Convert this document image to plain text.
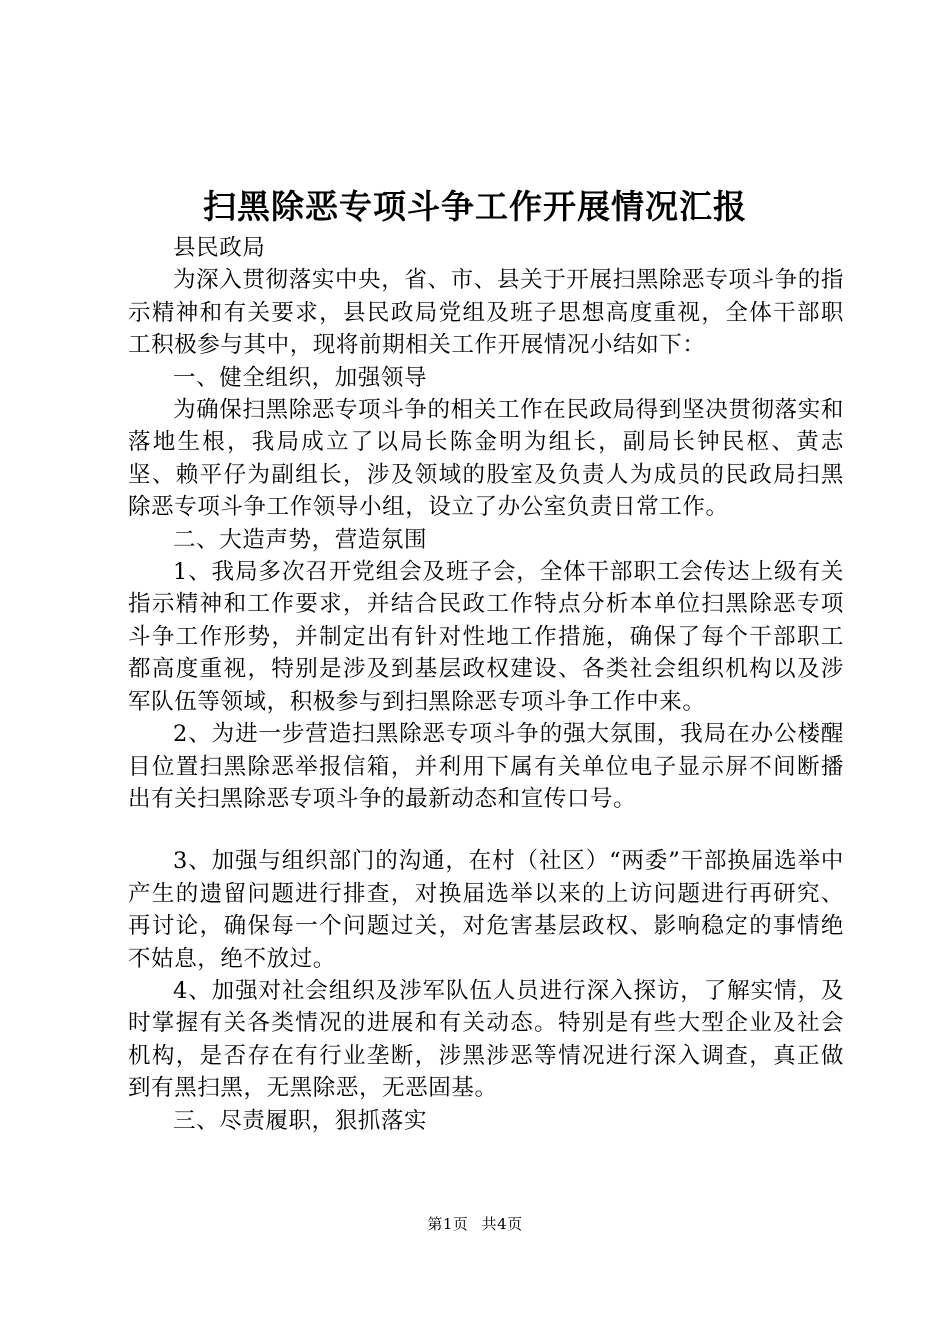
扫黑除恶专项斗争工作开展情况汇报

县民政局

为深入贯彻落实中央，省、市、县关于开展扫黑除恶专项斗争的指示精神和有关要求，县民政局党组及班子思想高度重视，全体干部职工积极参与其中，现将前期相关工作开展情况小结如下：

一、健全组织，加强领导

为确保扫黑除恶专项斗争的相关工作在民政局得到坚决贯彻落实和落地生根，我局成立了以局长陈金明为组长，副局长钟民枢、黄志坚、赖平仔为副组长，涉及领域的股室及负责人为成员的民政局扫黑除恶专项斗争工作领导小组，设立了办公室负责日常工作。

二、大造声势，营造氛围

1、我局多次召开党组会及班子会，全体干部职工会传达上级有关指示精神和工作要求，并结合民政工作特点分析本单位扫黑除恶专项斗争工作形势，并制定出有针对性地工作措施，确保了每个干部职工都高度重视，特别是涉及到基层政权建设、各类社会组织机构以及涉军队伍等领域，积极参与到扫黑除恶专项斗争工作中来。

2、为进一步营造扫黑除恶专项斗争的强大氛围，我局在办公楼醒目位置扫黑除恶举报信箱，并利用下属有关单位电子显示屏不间断播出有关扫黑除恶专项斗争的最新动态和宣传口号。

3、加强与组织部门的沟通，在村（社区）“两委”干部换届选举中产生的遗留问题进行排查，对换届选举以来的上访问题进行再研究、再讨论，确保每一个问题过关，对危害基层政权、影响稳定的事情绝不姑息，绝不放过。

4、加强对社会组织及涉军队伍人员进行深入探访，了解实情，及时掌握有关各类情况的进展和有关动态。特别是有些大型企业及社会机构，是否存在有行业垄断，涉黑涉恶等情况进行深入调查，真正做到有黑扫黑，无黑除恶，无恶固基。

三、尽责履职，狠抓落实

第1页 共4页
